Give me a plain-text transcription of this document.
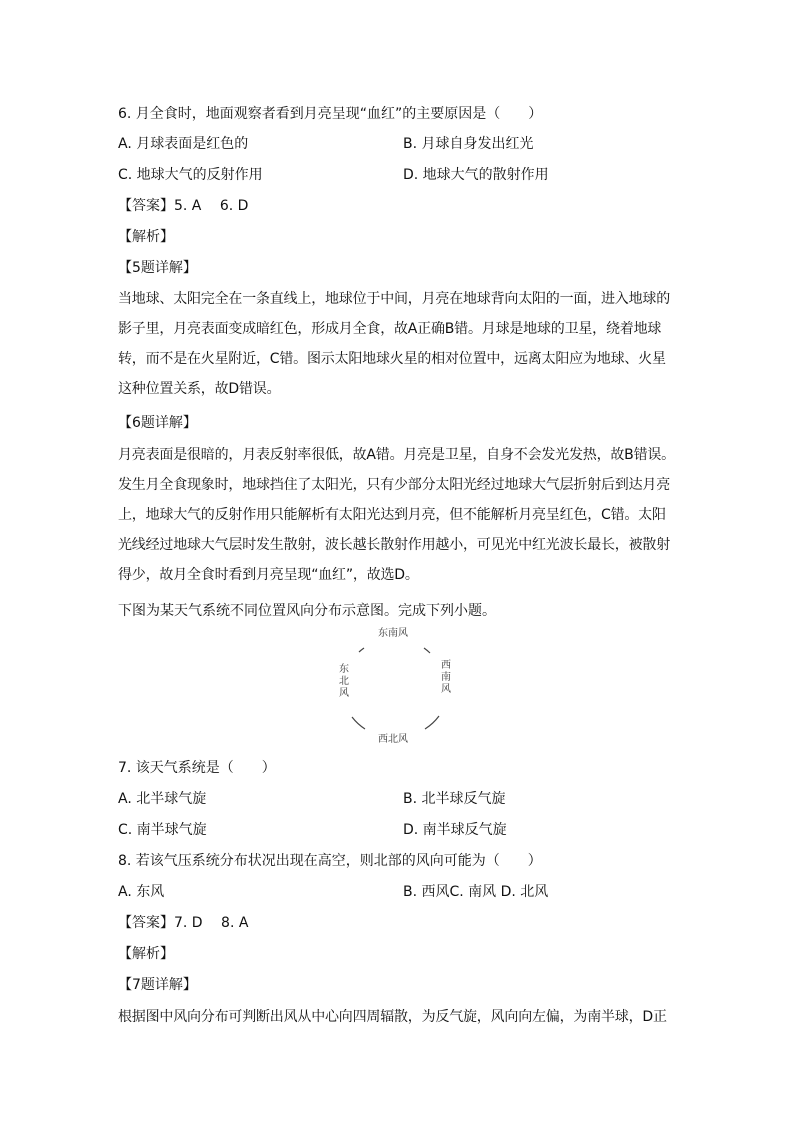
6. 月全食时，地面观察者看到月亮呈现“血红”的主要原因是（　　）
A. 月球表面是红色的	B. 月球自身发出红光
C. 地球大气的反射作用	D. 地球大气的散射作用
【答案】5. A　 6. D
【解析】
【5题详解】
当地球、太阳完全在一条直线上，地球位于中间，月亮在地球背向太阳的一面，进入地球的
影子里，月亮表面变成暗红色，形成月全食，故A正确B错。月球是地球的卫星，绕着地球
转，而不是在火星附近，C错。图示太阳地球火星的相对位置中，远离太阳应为地球、火星
这种位置关系，故D错误。
【6题详解】
月亮表面是很暗的，月表反射率很低，故A错。月亮是卫星，自身不会发光发热，故B错误。
发生月全食现象时，地球挡住了太阳光，只有少部分太阳光经过地球大气层折射后到达月亮
上，地球大气的反射作用只能解析有太阳光达到月亮，但不能解析月亮呈红色，C错。太阳
光线经过地球大气层时发生散射，波长越长散射作用越小，可见光中红光波长最长，被散射
得少，故月全食时看到月亮呈现“血红”，故选D。
下图为某天气系统不同位置风向分布示意图。完成下列小题。
东南风
西
南
风
东
北
风
西北风
7. 该天气系统是（　　）
A. 北半球气旋	B. 北半球反气旋
C. 南半球气旋	D. 南半球反气旋
8. 若该气压系统分布状况出现在高空，则北部的风向可能为（　　）
A. 东风	B. 西风C. 南风 D. 北风
【答案】7. D　 8. A
【解析】
【7题详解】
根据图中风向分布可判断出风从中心向四周辐散，为反气旋，风向向左偏，为南半球，D正
